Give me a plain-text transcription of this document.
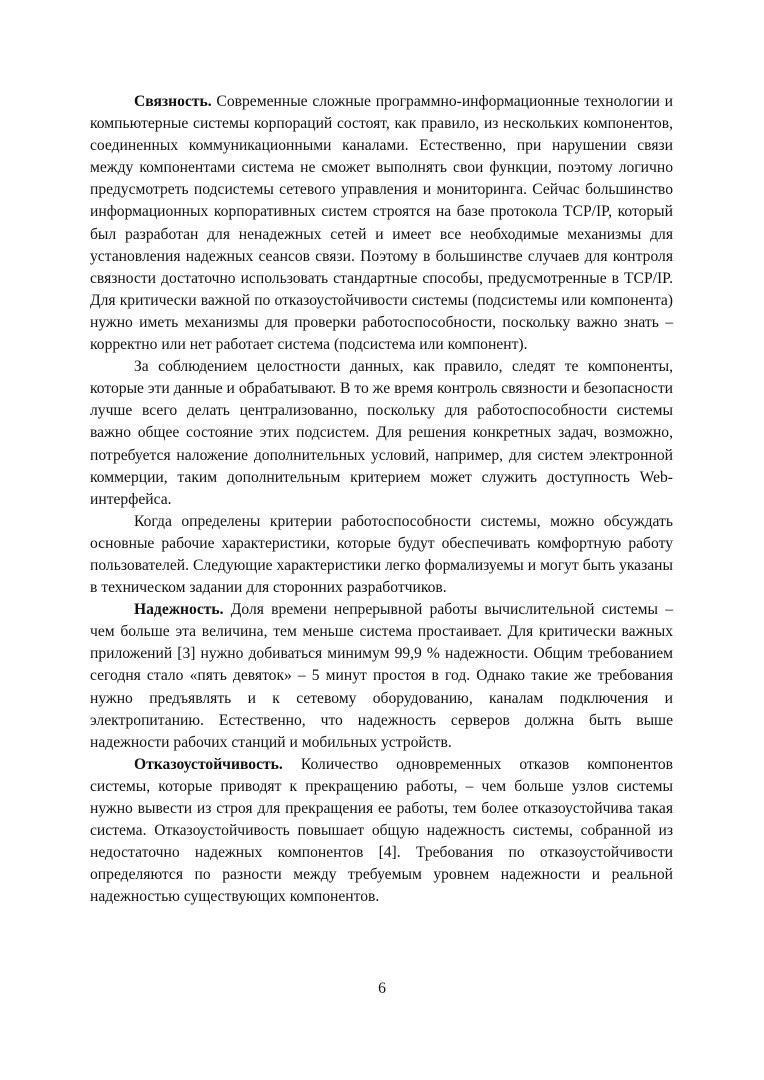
Связность. Современные сложные программно-информационные технологии и компьютерные системы корпораций состоят, как правило, из нескольких компонентов, соединенных коммуникационными каналами. Естественно, при нарушении связи между компонентами система не сможет выполнять свои функции, поэтому логично предусмотреть подсистемы сетевого управления и мониторинга. Сейчас большинство информационных корпоративных систем строятся на базе протокола TCP/IP, который был разработан для ненадежных сетей и имеет все необходимые механизмы для установления надежных сеансов связи. Поэтому в большинстве случаев для контроля связности достаточно использовать стандартные способы, предусмотренные в TCP/IP. Для критически важной по отказоустойчивости системы (подсистемы или компонента) нужно иметь механизмы для проверки работоспособности, поскольку важно знать – корректно или нет работает система (подсистема или компонент).

За соблюдением целостности данных, как правило, следят те компоненты, которые эти данные и обрабатывают. В то же время контроль связности и безопасности лучше всего делать централизованно, поскольку для работоспособности системы важно общее состояние этих подсистем. Для решения конкретных задач, возможно, потребуется наложение дополнительных условий, например, для систем электронной коммерции, таким дополнительным критерием может служить доступность Web-интерфейса.

Когда определены критерии работоспособности системы, можно обсуждать основные рабочие характеристики, которые будут обеспечивать комфортную работу пользователей. Следующие характеристики легко формализуемы и могут быть указаны в техническом задании для сторонних разработчиков.

Надежность. Доля времени непрерывной работы вычислительной системы – чем больше эта величина, тем меньше система простаивает. Для критически важных приложений [3] нужно добиваться минимум 99,9 % надежности. Общим требованием сегодня стало «пять девяток» – 5 минут простоя в год. Однако такие же требования нужно предъявлять и к сетевому оборудованию, каналам подключения и электропитанию. Естественно, что надежность серверов должна быть выше надежности рабочих станций и мобильных устройств.

Отказоустойчивость. Количество одновременных отказов компонентов системы, которые приводят к прекращению работы, – чем больше узлов системы нужно вывести из строя для прекращения ее работы, тем более отказоустойчива такая система. Отказоустойчивость повышает общую надежность системы, собранной из недостаточно надежных компонентов [4]. Требования по отказоустойчивости определяются по разности между требуемым уровнем надежности и реальной надежностью существующих компонентов.

6
